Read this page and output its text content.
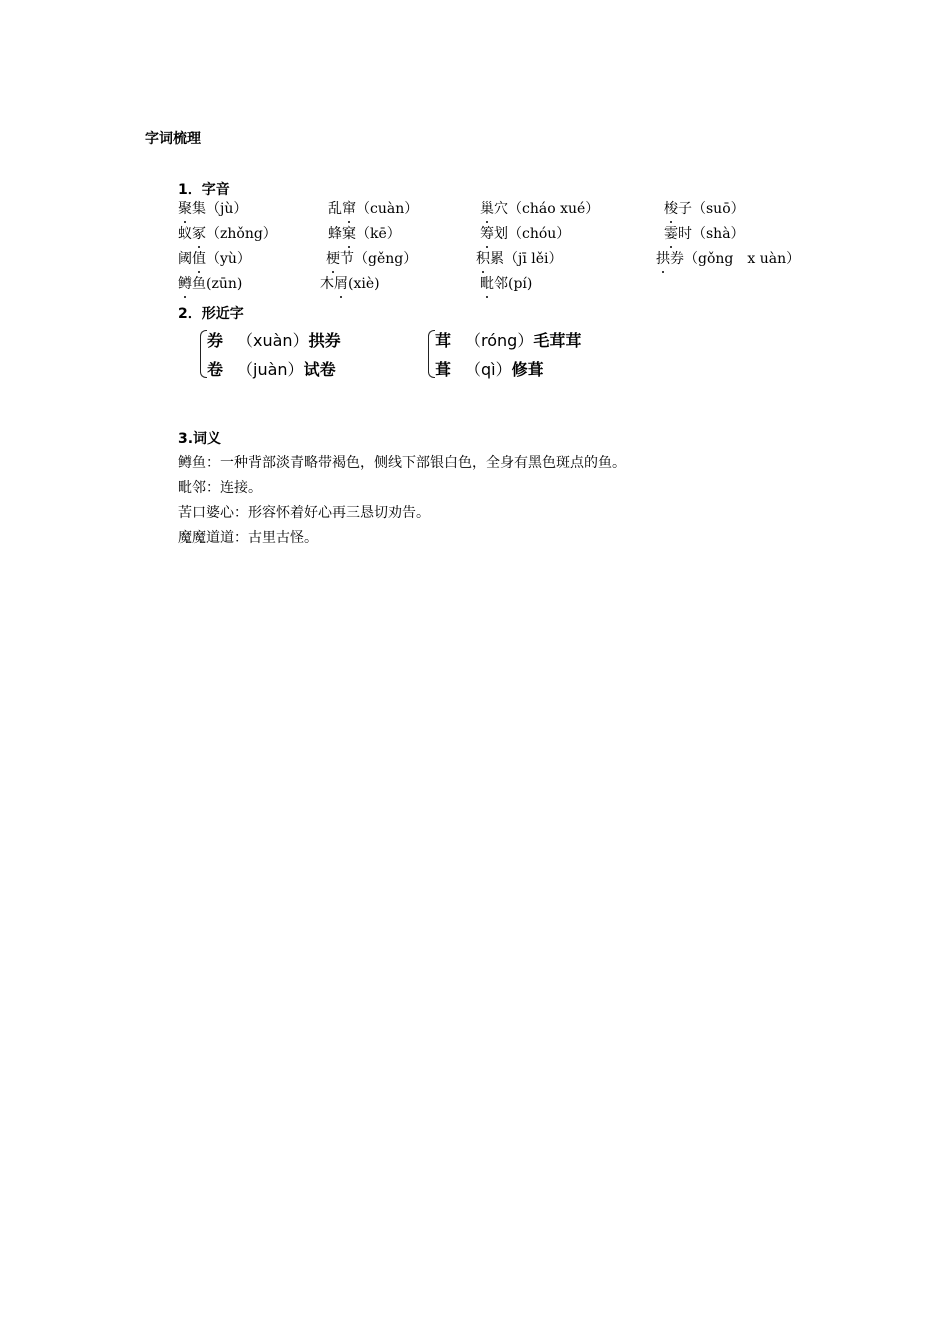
字词梳理
1．字音
聚集（jù）	乱窜（cuàn）	巢穴（cháo xué）	梭子（suō）
蚁冢（zhǒng）	蜂窠（kē）	筹划（chóu）	霎时（shà）
阈值（yù）	梗节（gěng）	积累（jī lěi）	拱券（gǒng　x uàn）
鳟鱼(zūn)	木屑(xiè)	毗邻(pí)
2．形近字
券 （xuàn）拱券
卷 （juàn）试卷
茸 （róng）毛茸茸
葺 （qì）修葺
3.词义
鳟鱼：一种背部淡青略带褐色，侧线下部银白色，全身有黑色斑点的鱼。
毗邻：连接。
苦口婆心：形容怀着好心再三恳切劝告。
魔魔道道：古里古怪。
